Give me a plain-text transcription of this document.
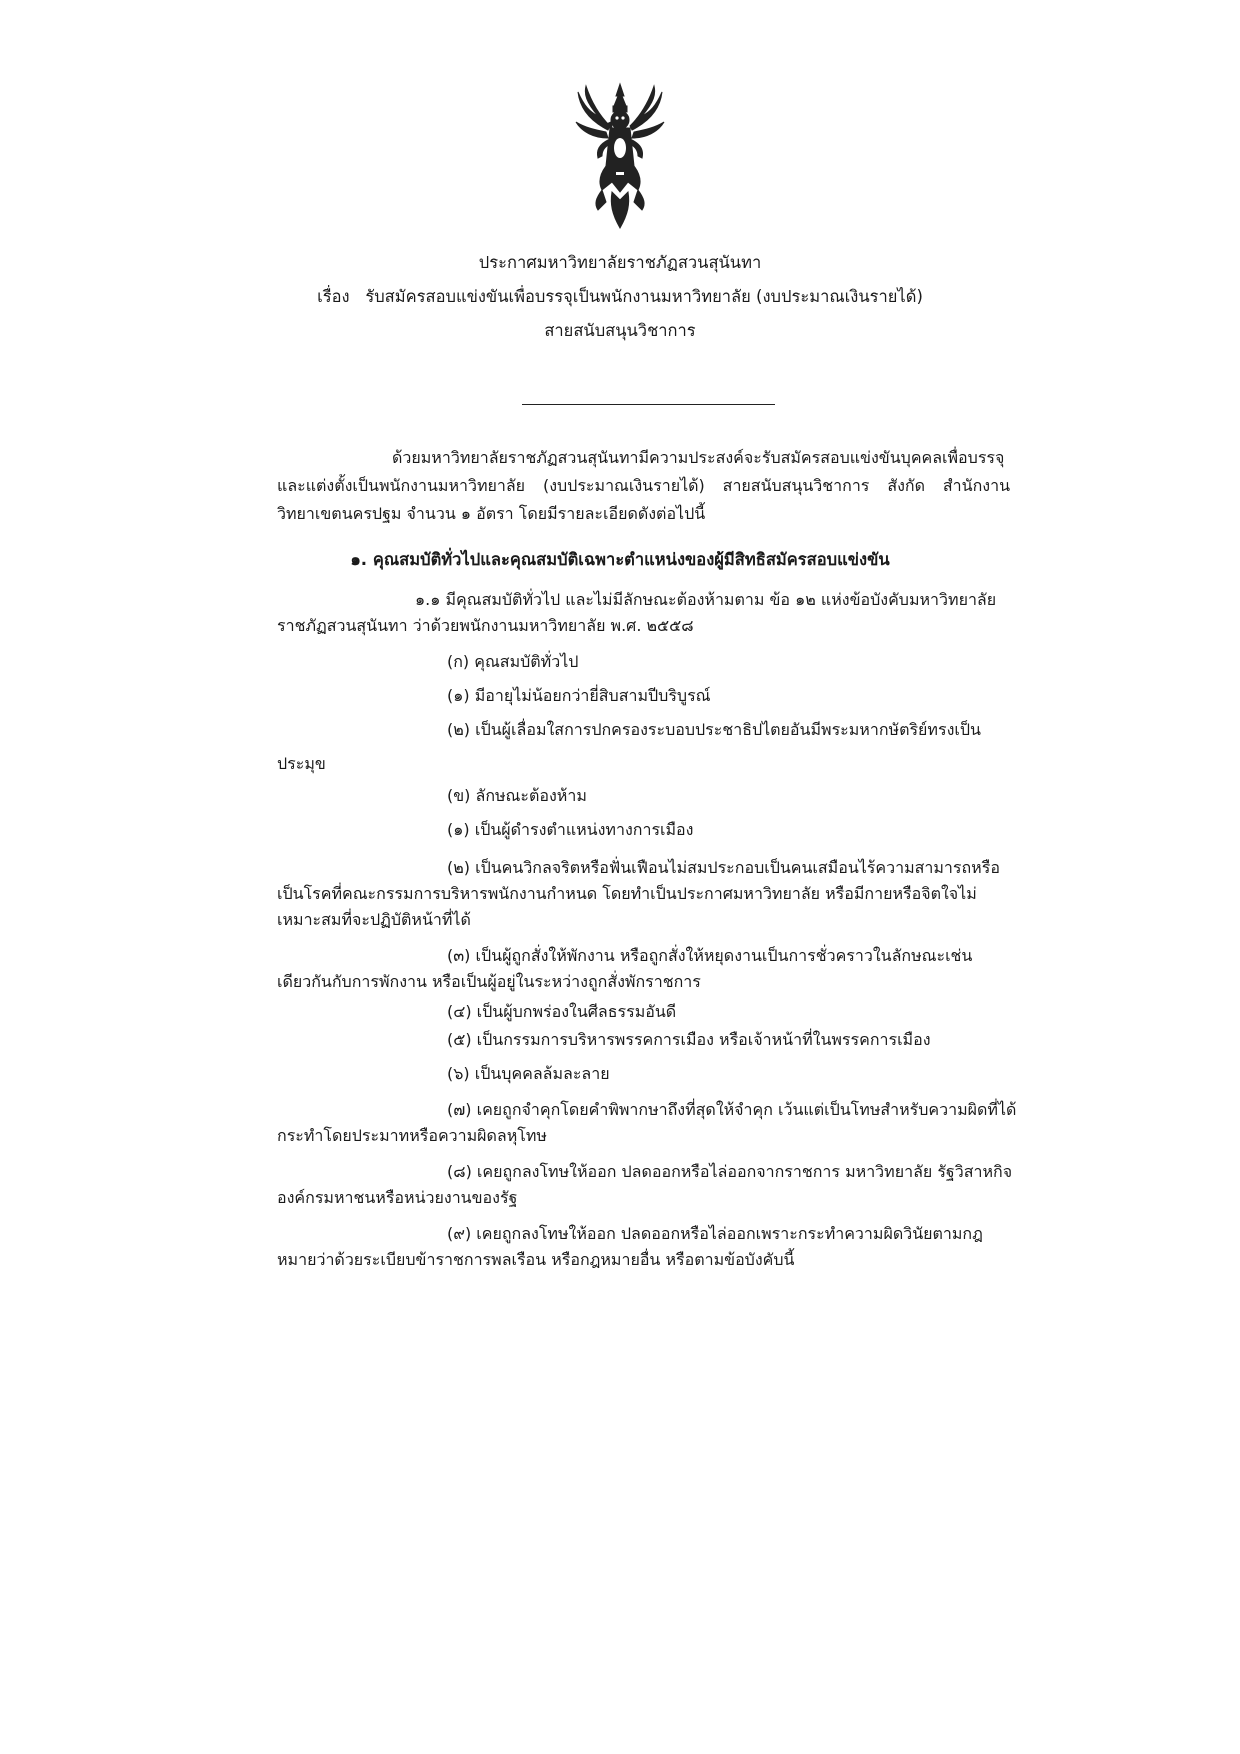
ประกาศมหาวิทยาลัยราชภัฏสวนสุนันทา
เรื่อง รับสมัครสอบแข่งขันเพื่อบรรจุเป็นพนักงานมหาวิทยาลัย (งบประมาณเงินรายได้)
สายสนับสนุนวิชาการ
ด้วยมหาวิทยาลัยราชภัฏสวนสุนันทามีความประสงค์จะรับสมัครสอบแข่งขันบุคคลเพื่อบรรจุ
และแต่งตั้งเป็นพนักงานมหาวิทยาลัย (งบประมาณเงินรายได้) สายสนับสนุนวิชาการ สังกัด สำนักงาน
วิทยาเขตนครปฐม จำนวน ๑ อัตรา โดยมีรายละเอียดดังต่อไปนี้
๑. คุณสมบัติทั่วไปและคุณสมบัติเฉพาะตำแหน่งของผู้มีสิทธิสมัครสอบแข่งขัน
๑.๑ มีคุณสมบัติทั่วไป และไม่มีลักษณะต้องห้ามตาม ข้อ ๑๒ แห่งข้อบังคับมหาวิทยาลัย
ราชภัฏสวนสุนันทา ว่าด้วยพนักงานมหาวิทยาลัย พ.ศ. ๒๕๕๘
(ก) คุณสมบัติทั่วไป
(๑) มีอายุไม่น้อยกว่ายี่สิบสามปีบริบูรณ์
(๒) เป็นผู้เลื่อมใสการปกครองระบอบประชาธิปไตยอันมีพระมหากษัตริย์ทรงเป็น
ประมุข
(ข) ลักษณะต้องห้าม
(๑) เป็นผู้ดำรงตำแหน่งทางการเมือง
(๒) เป็นคนวิกลจริตหรือฟั่นเฟือนไม่สมประกอบเป็นคนเสมือนไร้ความสามารถหรือ
เป็นโรคที่คณะกรรมการบริหารพนักงานกำหนด โดยทำเป็นประกาศมหาวิทยาลัย หรือมีกายหรือจิตใจไม่
เหมาะสมที่จะปฏิบัติหน้าที่ได้
(๓) เป็นผู้ถูกสั่งให้พักงาน หรือถูกสั่งให้หยุดงานเป็นการชั่วคราวในลักษณะเช่น
เดียวกันกับการพักงาน หรือเป็นผู้อยู่ในระหว่างถูกสั่งพักราชการ
(๔) เป็นผู้บกพร่องในศีลธรรมอันดี
(๕) เป็นกรรมการบริหารพรรคการเมือง หรือเจ้าหน้าที่ในพรรคการเมือง
(๖) เป็นบุคคลล้มละลาย
(๗) เคยถูกจำคุกโดยคำพิพากษาถึงที่สุดให้จำคุก เว้นแต่เป็นโทษสำหรับความผิดที่ได้
กระทำโดยประมาทหรือความผิดลหุโทษ
(๘) เคยถูกลงโทษให้ออก ปลดออกหรือไล่ออกจากราชการ มหาวิทยาลัย รัฐวิสาหกิจ
องค์กรมหาชนหรือหน่วยงานของรัฐ
(๙) เคยถูกลงโทษให้ออก ปลดออกหรือไล่ออกเพราะกระทำความผิดวินัยตามกฎ
หมายว่าด้วยระเบียบข้าราชการพลเรือน หรือกฎหมายอื่น หรือตามข้อบังคับนี้
